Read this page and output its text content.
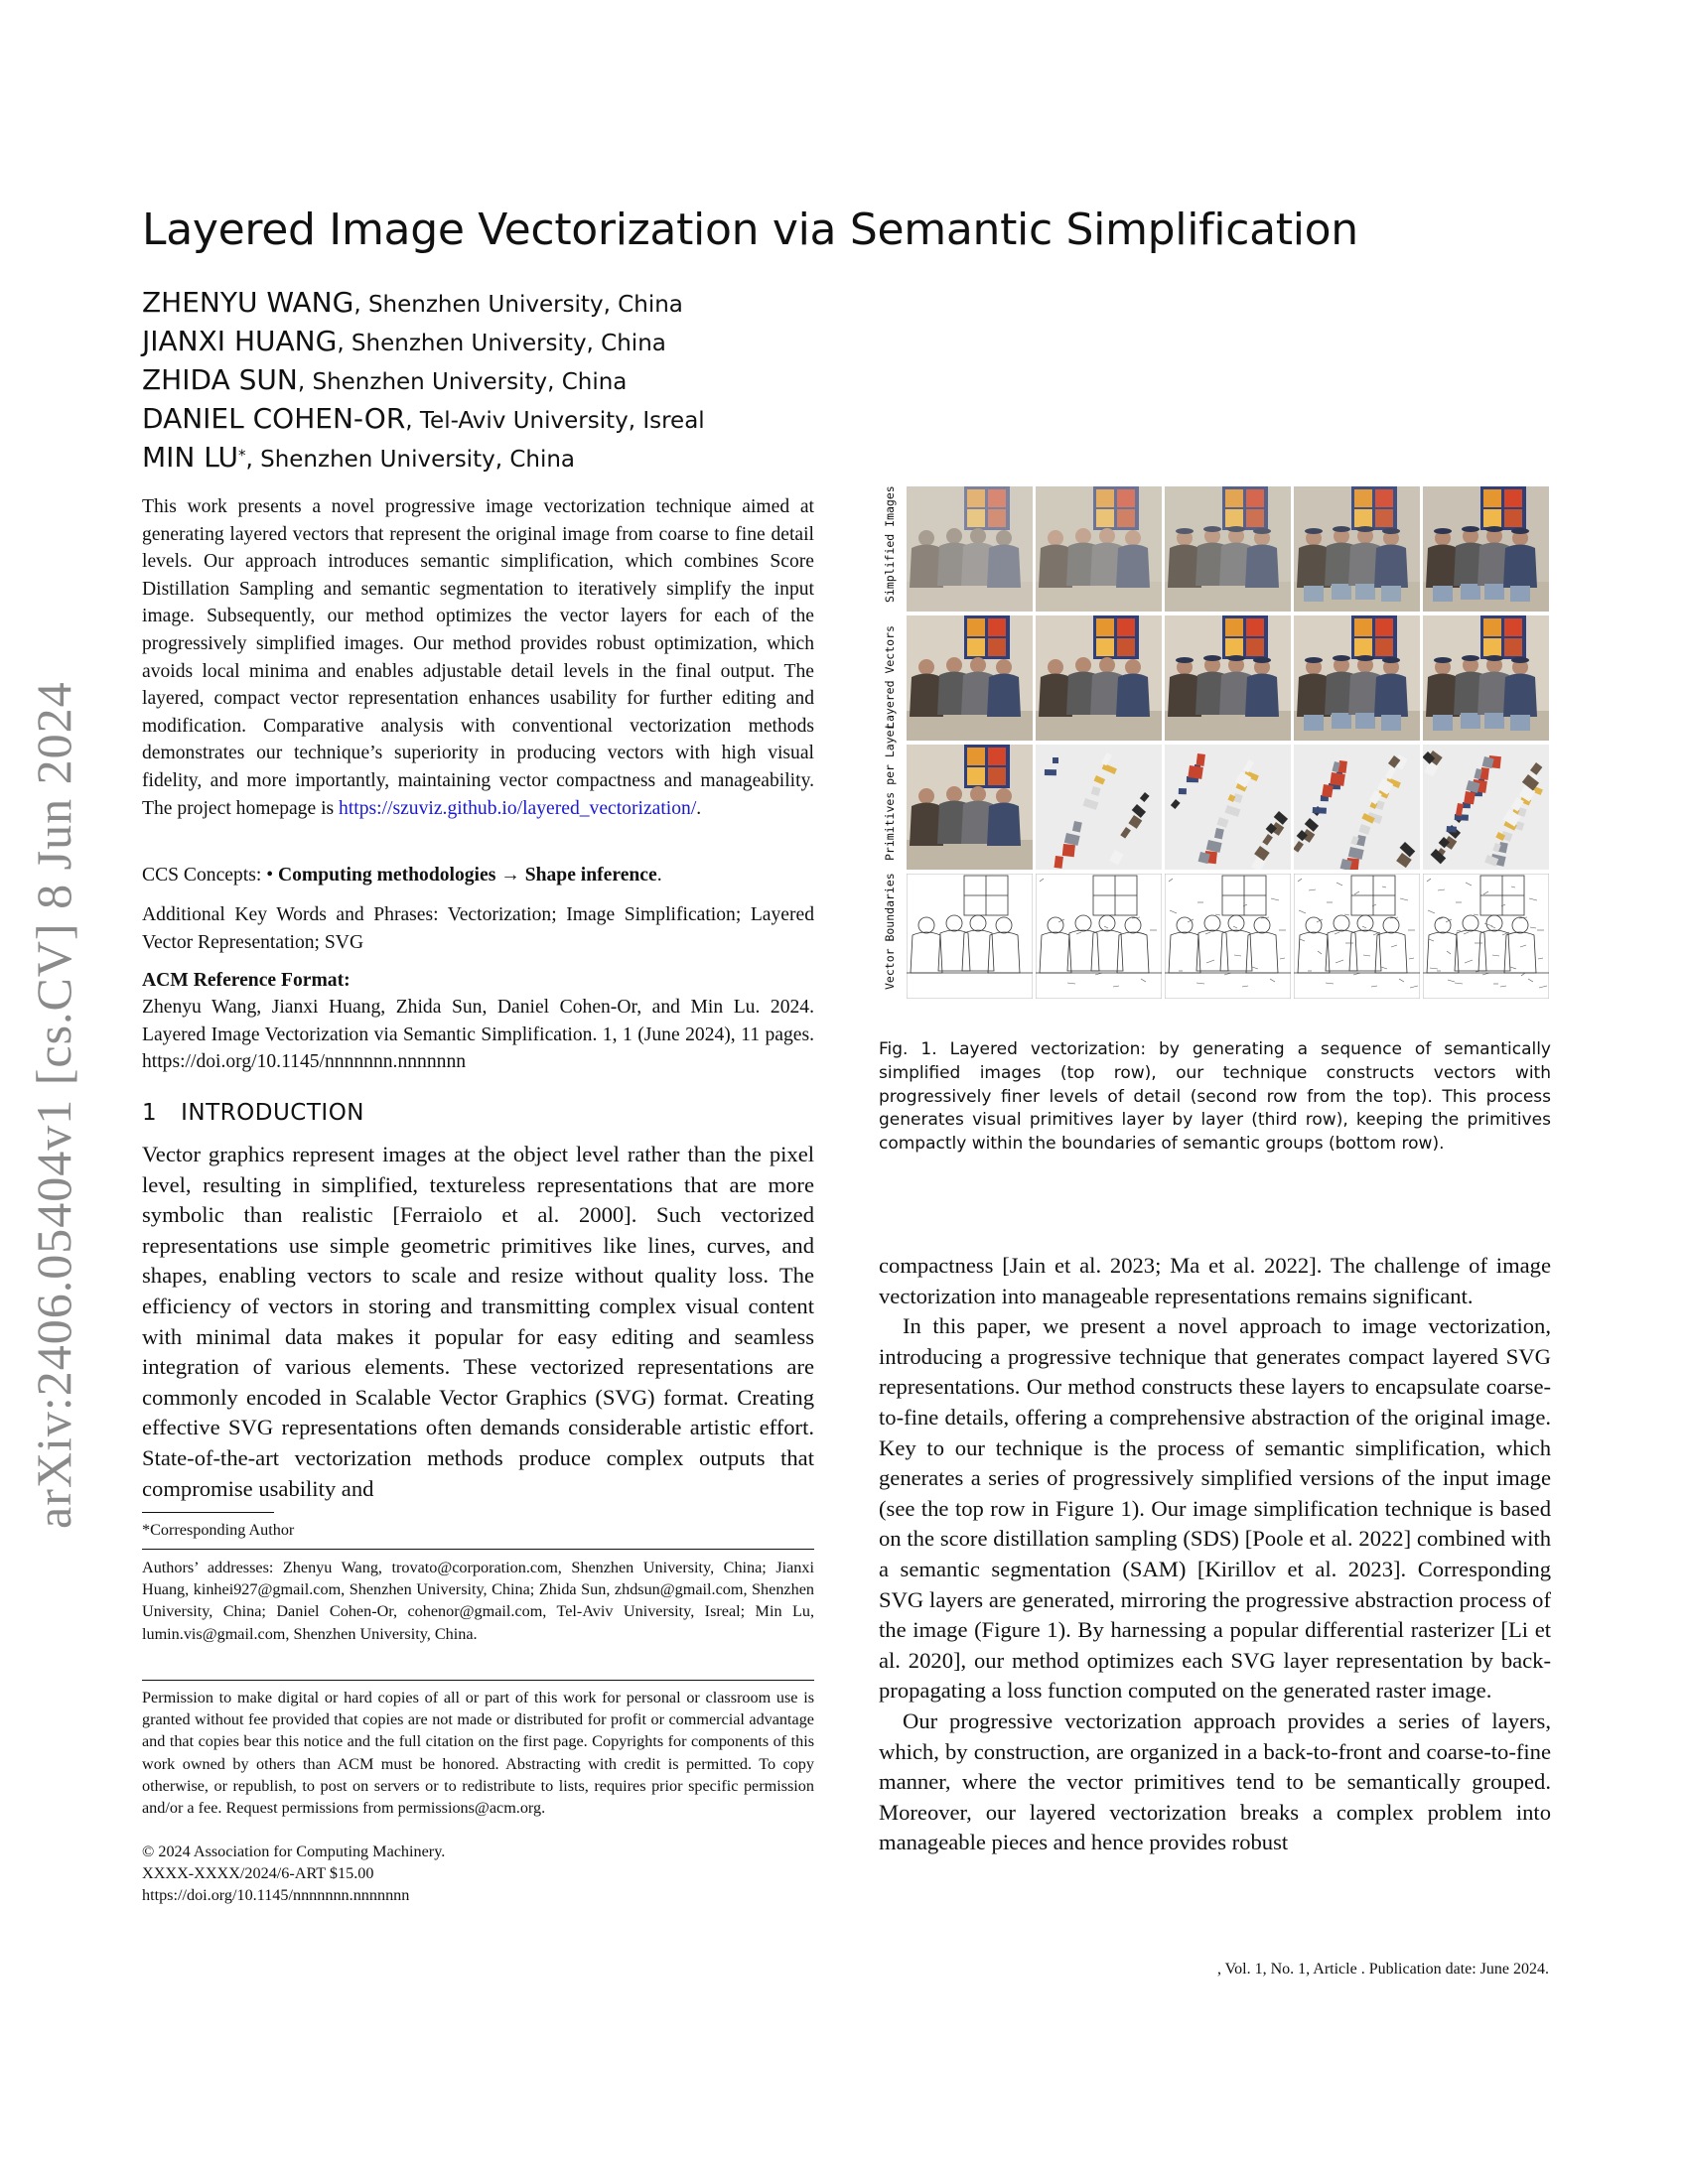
arXiv:2406.05404v1 [cs.CV] 8 Jun 2024
Layered Image Vectorization via Semantic Simplification
ZHENYU WANG, Shenzhen University, China
JIANXI HUANG, Shenzhen University, China
ZHIDA SUN, Shenzhen University, China
DANIEL COHEN-OR, Tel-Aviv University, Isreal
MIN LU*, Shenzhen University, China
This work presents a novel progressive image vectorization technique aimed at generating layered vectors that represent the original image from coarse to fine detail levels. Our approach introduces semantic simplification, which combines Score Distillation Sampling and semantic segmentation to iteratively simplify the input image. Subsequently, our method optimizes the vector layers for each of the progressively simplified images. Our method provides robust optimization, which avoids local minima and enables adjustable detail levels in the final output. The layered, compact vector representation enhances usability for further editing and modification. Comparative analysis with conventional vectorization methods demonstrates our technique’s superiority in producing vectors with high visual fidelity, and more importantly, maintaining vector compactness and manageability. The project homepage is https://szuviz.github.io/layered_vectorization/.
CCS Concepts: • Computing methodologies → Shape inference.
Additional Key Words and Phrases: Vectorization; Image Simplification; Layered Vector Representation; SVG
ACM Reference Format:
Zhenyu Wang, Jianxi Huang, Zhida Sun, Daniel Cohen-Or, and Min Lu. 2024. Layered Image Vectorization via Semantic Simplification. 1, 1 (June 2024), 11 pages. https://doi.org/10.1145/nnnnnnn.nnnnnnn
1 INTRODUCTION
Vector graphics represent images at the object level rather than the pixel level, resulting in simplified, textureless representations that are more symbolic than realistic [Ferraiolo et al. 2000]. Such vectorized representations use simple geometric primitives like lines, curves, and shapes, enabling vectors to scale and resize without quality loss. The efficiency of vectors in storing and transmitting complex visual content with minimal data makes it popular for easy editing and seamless integration of various elements. These vectorized representations are commonly encoded in Scalable Vector Graphics (SVG) format. Creating effective SVG representations often demands considerable artistic effort. State-of-the-art vectorization methods produce complex outputs that compromise usability and
*Corresponding Author
Authors’ addresses: Zhenyu Wang, trovato@corporation.com, Shenzhen University, China; Jianxi Huang, kinhei927@gmail.com, Shenzhen University, China; Zhida Sun, zhdsun@gmail.com, Shenzhen University, China; Daniel Cohen-Or, cohenor@gmail.com, Tel-Aviv University, Isreal; Min Lu, lumin.vis@gmail.com, Shenzhen University, China.
Permission to make digital or hard copies of all or part of this work for personal or classroom use is granted without fee provided that copies are not made or distributed for profit or commercial advantage and that copies bear this notice and the full citation on the first page. Copyrights for components of this work owned by others than ACM must be honored. Abstracting with credit is permitted. To copy otherwise, or republish, to post on servers or to redistribute to lists, requires prior specific permission and/or a fee. Request permissions from permissions@acm.org.
© 2024 Association for Computing Machinery.
XXXX-XXXX/2024/6-ART $15.00
https://doi.org/10.1145/nnnnnnn.nnnnnnn
Simplified Images
Layered Vectors
Primitives per Layer
Vector Boundaries
Fig. 1. Layered vectorization: by generating a sequence of semantically simplified images (top row), our technique constructs vectors with progressively finer levels of detail (second row from the top). This process generates visual primitives layer by layer (third row), keeping the primitives compactly within the boundaries of semantic groups (bottom row).

compactness [Jain et al. 2023; Ma et al. 2022]. The challenge of image vectorization into manageable representations remains significant.

In this paper, we present a novel approach to image vectorization, introducing a progressive technique that generates compact layered SVG representations. Our method constructs these layers to encapsulate coarse-to-fine details, offering a comprehensive abstraction of the original image. Key to our technique is the process of semantic simplification, which generates a series of progressively simplified versions of the input image (see the top row in Figure 1). Our image simplification technique is based on the score distillation sampling (SDS) [Poole et al. 2022] combined with a semantic segmentation (SAM) [Kirillov et al. 2023]. Corresponding SVG layers are generated, mirroring the progressive abstraction process of the image (Figure 1). By harnessing a popular differential rasterizer [Li et al. 2020], our method optimizes each SVG layer representation by back-propagating a loss function computed on the generated raster image.

Our progressive vectorization approach provides a series of layers, which, by construction, are organized in a back-to-front and coarse-to-fine manner, where the vector primitives tend to be semantically grouped. Moreover, our layered vectorization breaks a complex problem into manageable pieces and hence provides robust

, Vol. 1, No. 1, Article . Publication date: June 2024.
